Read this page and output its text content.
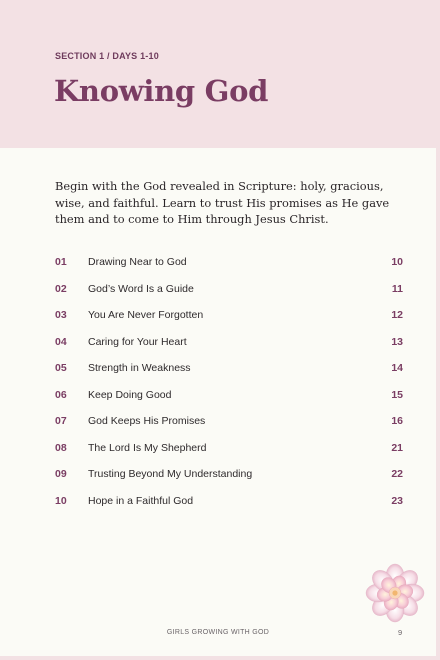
SECTION 1 / DAYS 1-10
Knowing God

Begin with the God revealed in Scripture: holy, gracious, wise, and faithful. Learn to trust His promises as He gave them and to come to Him through Jesus Christ.

01 Drawing Near to God	10
02 God’s Word Is a Guide	11
03 You Are Never Forgotten	12
04 Caring for Your Heart	13
05 Strength in Weakness	14
06 Keep Doing Good	15
07 God Keeps His Promises	16
08 The Lord Is My Shepherd	21
09 Trusting Beyond My Understanding	22
10 Hope in a Faithful God	23
GIRLS GROWING WITH GOD	9
